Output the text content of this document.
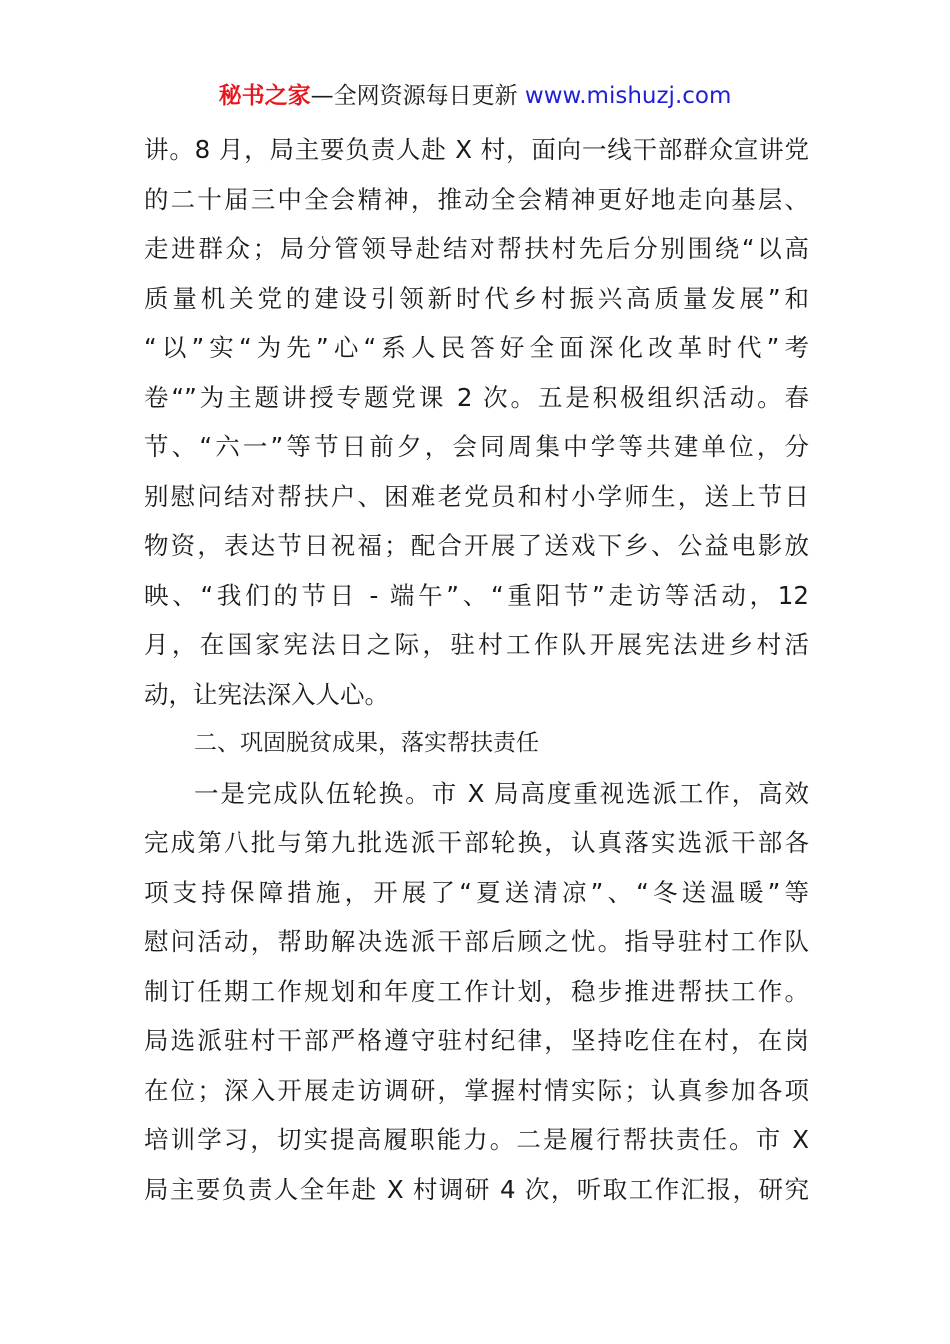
秘书之家—全网资源每日更新 www.mishuzj.com
讲。8 月，局主要负责人赴 X 村，面向一线干部群众宣讲党
的二十届三中全会精神，推动全会精神更好地走向基层、
走进群众；局分管领导赴结对帮扶村先后分别围绕“以高
质量机关党的建设引领新时代乡村振兴高质量发展”和
“以”实“为先”心“系人民答好全面深化改革时代”考
卷“”为主题讲授专题党课 2 次。五是积极组织活动。春
节、“六一”等节日前夕，会同周集中学等共建单位，分
别慰问结对帮扶户、困难老党员和村小学师生，送上节日
物资，表达节日祝福；配合开展了送戏下乡、公益电影放
映、“我们的节日 - 端午”、“重阳节”走访等活动，12
月，在国家宪法日之际，驻村工作队开展宪法进乡村活
动，让宪法深入人心。
二、巩固脱贫成果，落实帮扶责任
一是完成队伍轮换。市 X 局高度重视选派工作，高效
完成第八批与第九批选派干部轮换，认真落实选派干部各
项支持保障措施，开展了“夏送清凉”、“冬送温暖”等
慰问活动，帮助解决选派干部后顾之忧。指导驻村工作队
制订任期工作规划和年度工作计划，稳步推进帮扶工作。
局选派驻村干部严格遵守驻村纪律，坚持吃住在村，在岗
在位；深入开展走访调研，掌握村情实际；认真参加各项
培训学习，切实提高履职能力。二是履行帮扶责任。市 X
局主要负责人全年赴 X 村调研 4 次，听取工作汇报，研究
